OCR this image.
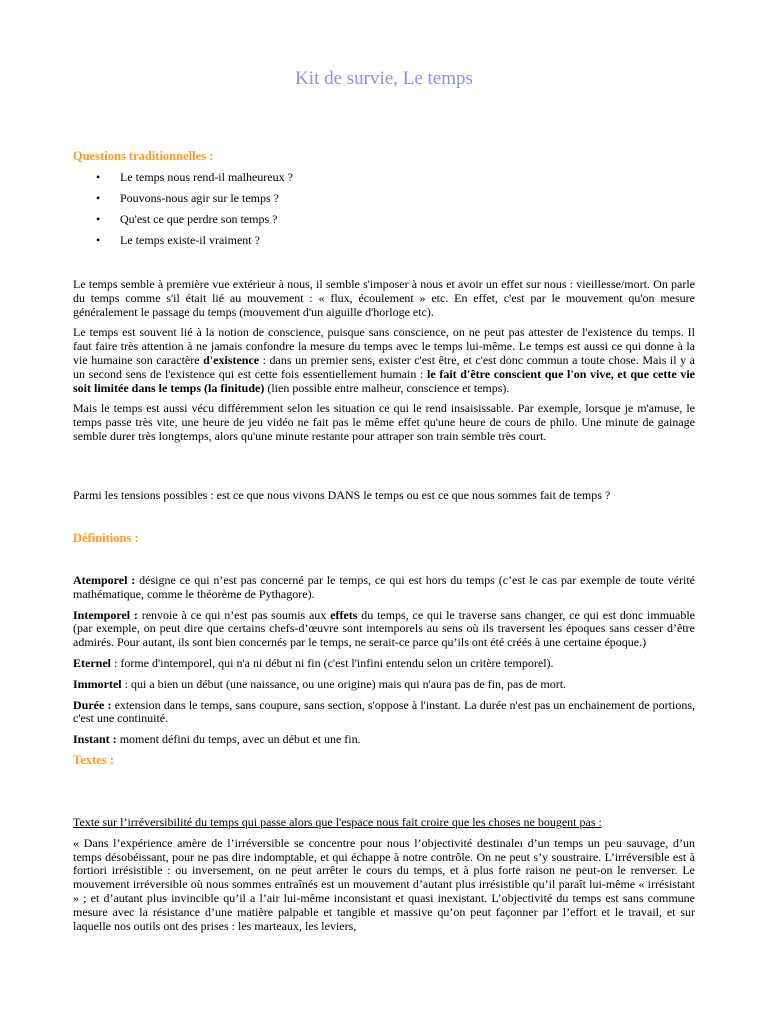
Kit de survie, Le temps

Questions traditionnelles :

• Le temps nous rend-il malheureux ?
• Pouvons-nous agir sur le temps ?
• Qu'est ce que perdre son temps ?
• Le temps existe-il vraiment ?

Le temps semble à première vue extérieur à nous, il semble s'imposer à nous et avoir un effet sur nous : vieillesse/mort. On parle du temps comme s'il était lié au mouvement : « flux, écoulement » etc. En effet, c'est par le mouvement qu'on mesure généralement le passage du temps (mouvement d'un aiguille d'horloge etc).

Le temps est souvent lié à la notion de conscience, puisque sans conscience, on ne peut pas attester de l'existence du temps. Il faut faire très attention à ne jamais confondre la mesure du temps avec le temps lui-même. Le temps est aussi ce qui donne à la vie humaine son caractère d'existence : dans un premier sens, exister c'est être, et c'est donc commun a toute chose. Mais il y a un second sens de l'existence qui est cette fois essentiellement humain : le fait d'être conscient que l'on vive, et que cette vie soit limitée dans le temps (la finitude) (lien possible entre malheur, conscience et temps).

Mais le temps est aussi vécu différemment selon les situation ce qui le rend insaisissable. Par exemple, lorsque je m'amuse, le temps passe très vite, une heure de jeu vidéo ne fait pas le même effet qu'une heure de cours de philo. Une minute de gainage semble durer très longtemps, alors qu'une minute restante pour attraper son train semble très court.

Parmi les tensions possibles : est ce que nous vivons DANS le temps ou est ce que nous sommes fait de temps ?

Définitions :

Atemporel : désigne ce qui n’est pas concerné par le temps, ce qui est hors du temps (c’est le cas par exemple de toute vérité mathématique, comme le théorème de Pythagore).

Intemporel : renvoie à ce qui n’est pas soumis aux effets du temps, ce qui le traverse sans changer, ce qui est donc immuable (par exemple, on peut dire que certains chefs-d’œuvre sont intemporels au sens où ils traversent les époques sans cesser d’être admirés. Pour autant, ils sont bien concernés par le temps, ne serait-ce parce qu’ils ont été créés à une certaine époque.)

Eternel : forme d'intemporel, qui n'a ni début ni fin (c'est l'infini entendu selon un critère temporel).

Immortel : qui a bien un début (une naissance, ou une origine) mais qui n'aura pas de fin, pas de mort.

Durée : extension dans le temps, sans coupure, sans section, s'oppose à l'instant. La durée n'est pas un enchainement de portions, c'est une continuité.

Instant : moment défini du temps, avec un début et une fin.

Textes :

Texte sur l’irréversibilité du temps qui passe alors que l'espace nous fait croire que les choses ne bougent pas :

« Dans l’expérience amère de l’irréversible se concentre pour nous l’objectivité destinaleı d’un temps un peu sauvage, d’un temps désobéissant, pour ne pas dire indomptable, et qui échappe à notre contrôle. On ne peut s’y soustraire. L’irréversible est à fortiori irrésistible : ou inversement, on ne peut arrêter le cours du temps, et à plus forte raison ne peut-on le renverser. Le mouvement irréversible où nous sommes entraînés est un mouvement d’autant plus irrésistible qu’il paraît lui-même « irrésistant » ; et d’autant plus invincible qu’il a l’air lui-même inconsistant et quasi inexistant. L’objectivité du temps est sans commune mesure avec la résistance d’une matière palpable et tangible et massive qu’on peut façonner par l’effort et le travail, et sur laquelle nos outils ont des prises : les marteaux, les leviers,
